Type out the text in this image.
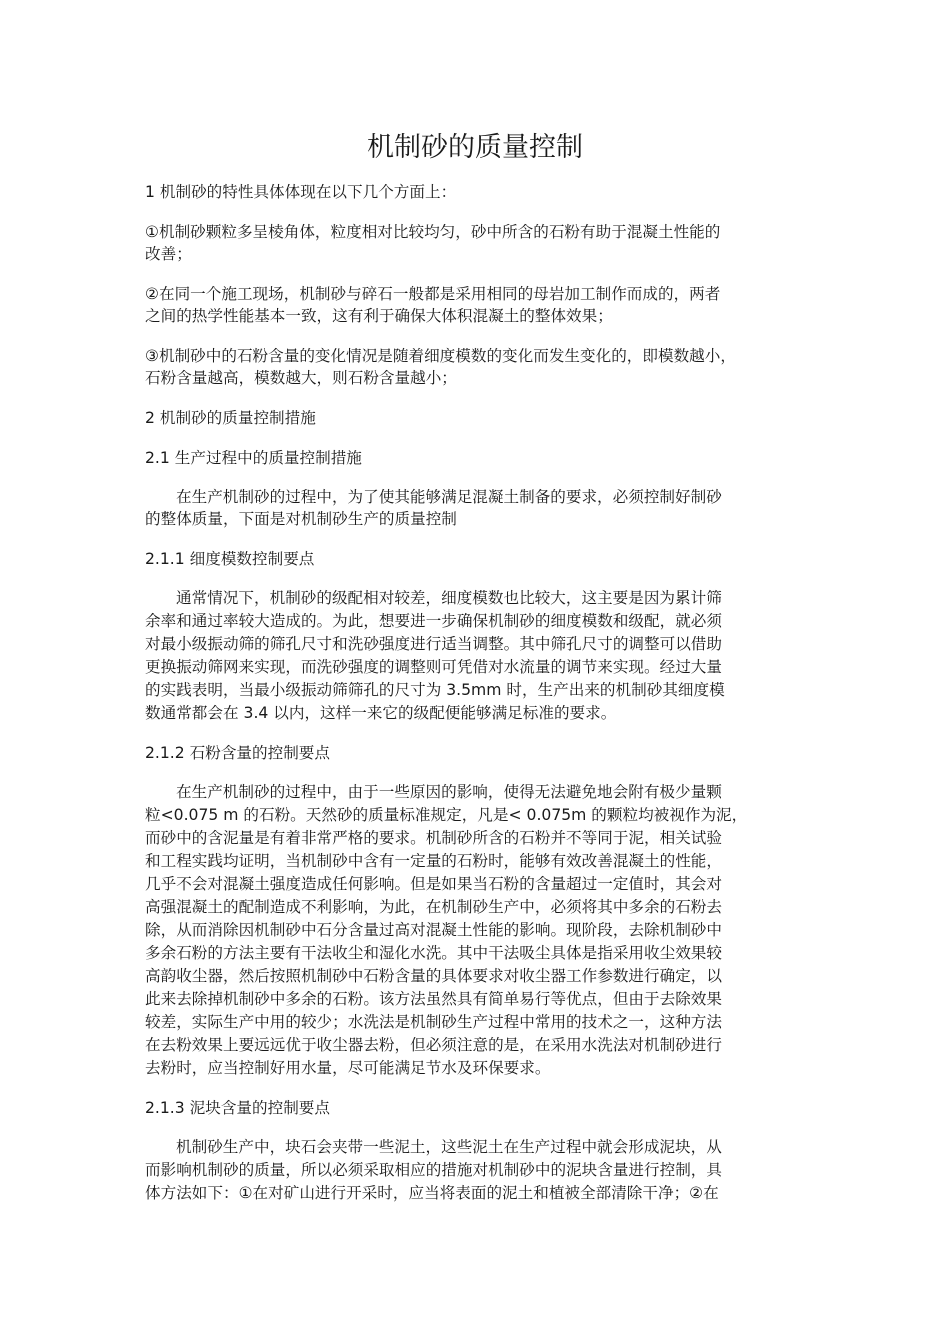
机制砂的质量控制
1 机制砂的特性具体体现在以下几个方面上：
①机制砂颗粒多呈棱角体，粒度相对比较均匀，砂中所含的石粉有助于混凝土性能的
改善；
②在同一个施工现场，机制砂与碎石一般都是采用相同的母岩加工制作而成的，两者
之间的热学性能基本一致，这有利于确保大体积混凝土的整体效果；
③机制砂中的石粉含量的变化情况是随着细度模数的变化而发生变化的，即模数越小，
石粉含量越高，模数越大，则石粉含量越小；
2 机制砂的质量控制措施
2.1 生产过程中的质量控制措施
在生产机制砂的过程中，为了使其能够满足混凝土制备的要求，必须控制好制砂
的整体质量，下面是对机制砂生产的质量控制
2.1.1 细度模数控制要点
通常情况下，机制砂的级配相对较差，细度模数也比较大，这主要是因为累计筛
余率和通过率较大造成的。为此，想要进一步确保机制砂的细度模数和级配，就必须
对最小级振动筛的筛孔尺寸和洗砂强度进行适当调整。其中筛孔尺寸的调整可以借助
更换振动筛网来实现，而洗砂强度的调整则可凭借对水流量的调节来实现。经过大量
的实践表明，当最小级振动筛筛孔的尺寸为 3.5mm 时，生产出来的机制砂其细度模
数通常都会在 3.4 以内，这样一来它的级配便能够满足标准的要求。
2.1.2 石粉含量的控制要点
在生产机制砂的过程中，由于一些原因的影响，使得无法避免地会附有极少量颗
粒<0.075 m 的石粉。天然砂的质量标准规定，凡是< 0.075m 的颗粒均被视作为泥，
而砂中的含泥量是有着非常严格的要求。机制砂所含的石粉并不等同于泥，相关试验
和工程实践均证明，当机制砂中含有一定量的石粉时，能够有效改善混凝土的性能，
几乎不会对混凝土强度造成任何影响。但是如果当石粉的含量超过一定值时，其会对
高强混凝土的配制造成不利影响，为此，在机制砂生产中，必须将其中多余的石粉去
除，从而消除因机制砂中石分含量过高对混凝土性能的影响。现阶段，去除机制砂中
多余石粉的方法主要有干法收尘和湿化水洗。其中干法吸尘具体是指采用收尘效果较
高韵收尘器，然后按照机制砂中石粉含量的具体要求对收尘器工作参数进行确定，以
此来去除掉机制砂中多余的石粉。该方法虽然具有简单易行等优点，但由于去除效果
较差，实际生产中用的较少；水洗法是机制砂生产过程中常用的技术之一，这种方法
在去粉效果上要远远优于收尘器去粉，但必须注意的是，在采用水洗法对机制砂进行
去粉时，应当控制好用水量，尽可能满足节水及环保要求。
2.1.3 泥块含量的控制要点
机制砂生产中，块石会夹带一些泥土，这些泥土在生产过程中就会形成泥块，从
而影响机制砂的质量，所以必须采取相应的措施对机制砂中的泥块含量进行控制，具
体方法如下：①在对矿山进行开采时，应当将表面的泥土和植被全部清除干净；②在
